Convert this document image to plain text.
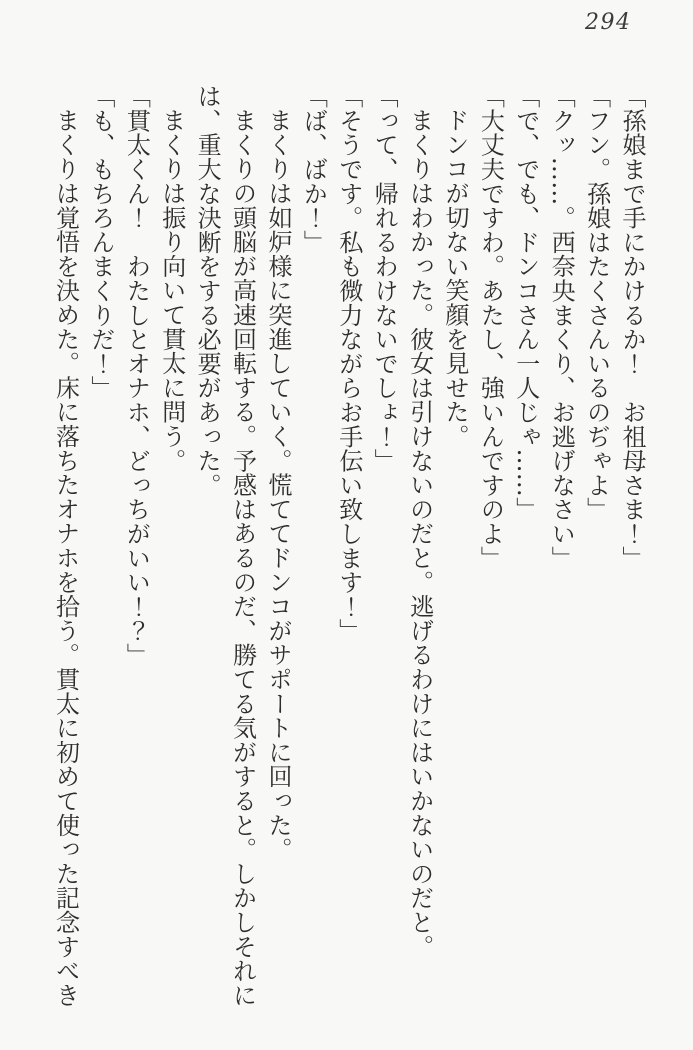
294

「孫娘まで手にかけるか！　お祖母さま！」

「フン。孫娘はたくさんいるのぢゃよ」

「クッ……。西奈央まくり、お逃げなさい」

「で、でも、ドンコさん一人じゃ……」

「大丈夫ですわ。あたし、強いんですのよ」

ドンコが切ない笑顔を見せた。

まくりはわかった。彼女は引けないのだと。逃げるわけにはいかないのだと。

「って、帰れるわけないでしょ！」

「そうです。私も微力ながらお手伝い致します！」

「ば、ばか！」

まくりは如炉様に突進していく。慌ててドンコがサポートに回った。

まくりの頭脳が高速回転する。予感はあるのだ、勝てる気がすると。しかしそれに

は、重大な決断をする必要があった。

まくりは振り向いて貫太に問う。

「貫太くん！　わたしとオナホ、どっちがいい！？」

「も、もちろんまくりだ！」

まくりは覚悟を決めた。床に落ちたオナホを拾う。貫太に初めて使った記念すべき
